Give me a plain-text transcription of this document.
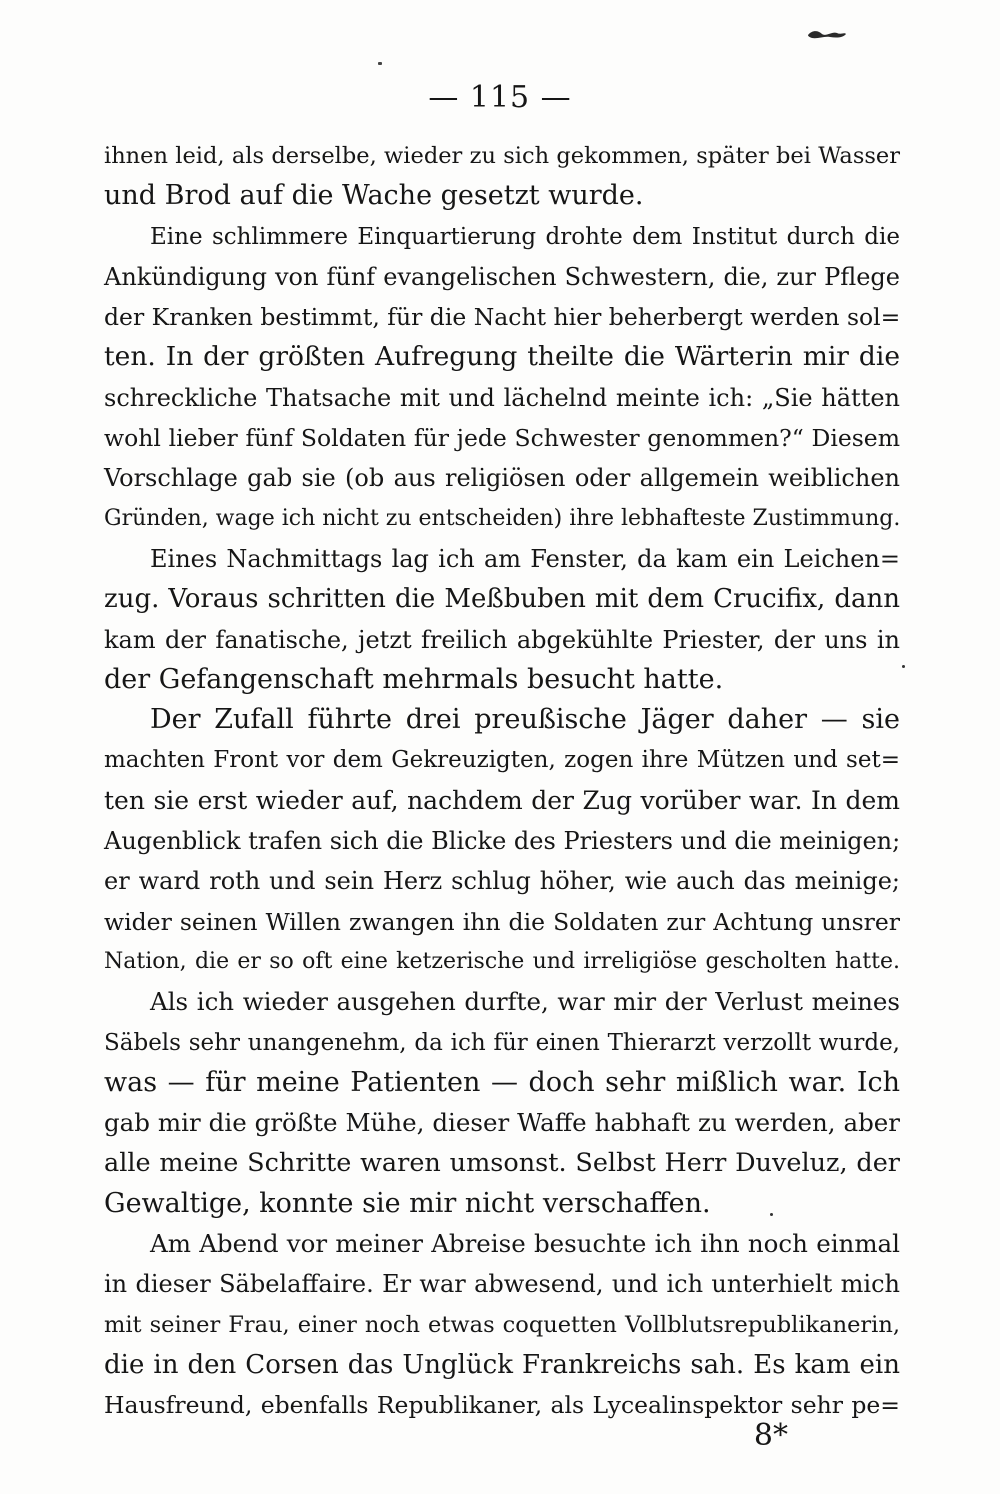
— 115 —
ihnen leid, als derselbe, wieder zu sich gekommen, später bei Wasser
und Brod auf die Wache gesetzt wurde.
Eine schlimmere Einquartierung drohte dem Institut durch die
Ankündigung von fünf evangelischen Schwestern, die, zur Pflege
der Kranken bestimmt, für die Nacht hier beherbergt werden sol=
ten. In der größten Aufregung theilte die Wärterin mir die
schreckliche Thatsache mit und lächelnd meinte ich: „Sie hätten
wohl lieber fünf Soldaten für jede Schwester genommen?“ Diesem
Vorschlage gab sie (ob aus religiösen oder allgemein weiblichen
Gründen, wage ich nicht zu entscheiden) ihre lebhafteste Zustimmung.
Eines Nachmittags lag ich am Fenster, da kam ein Leichen=
zug. Voraus schritten die Meßbuben mit dem Crucifix, dann
kam der fanatische, jetzt freilich abgekühlte Priester, der uns in
der Gefangenschaft mehrmals besucht hatte.
Der Zufall führte drei preußische Jäger daher — sie
machten Front vor dem Gekreuzigten, zogen ihre Mützen und set=
ten sie erst wieder auf, nachdem der Zug vorüber war. In dem
Augenblick trafen sich die Blicke des Priesters und die meinigen;
er ward roth und sein Herz schlug höher, wie auch das meinige;
wider seinen Willen zwangen ihn die Soldaten zur Achtung unsrer
Nation, die er so oft eine ketzerische und irreligiöse gescholten hatte.
Als ich wieder ausgehen durfte, war mir der Verlust meines
Säbels sehr unangenehm, da ich für einen Thierarzt verzollt wurde,
was — für meine Patienten — doch sehr mißlich war. Ich
gab mir die größte Mühe, dieser Waffe habhaft zu werden, aber
alle meine Schritte waren umsonst. Selbst Herr Duveluz, der
Gewaltige, konnte sie mir nicht verschaffen.
Am Abend vor meiner Abreise besuchte ich ihn noch einmal
in dieser Säbelaffaire. Er war abwesend, und ich unterhielt mich
mit seiner Frau, einer noch etwas coquetten Vollblutsrepublikanerin,
die in den Corsen das Unglück Frankreichs sah. Es kam ein
Hausfreund, ebenfalls Republikaner, als Lycealinspektor sehr pe=
8*
